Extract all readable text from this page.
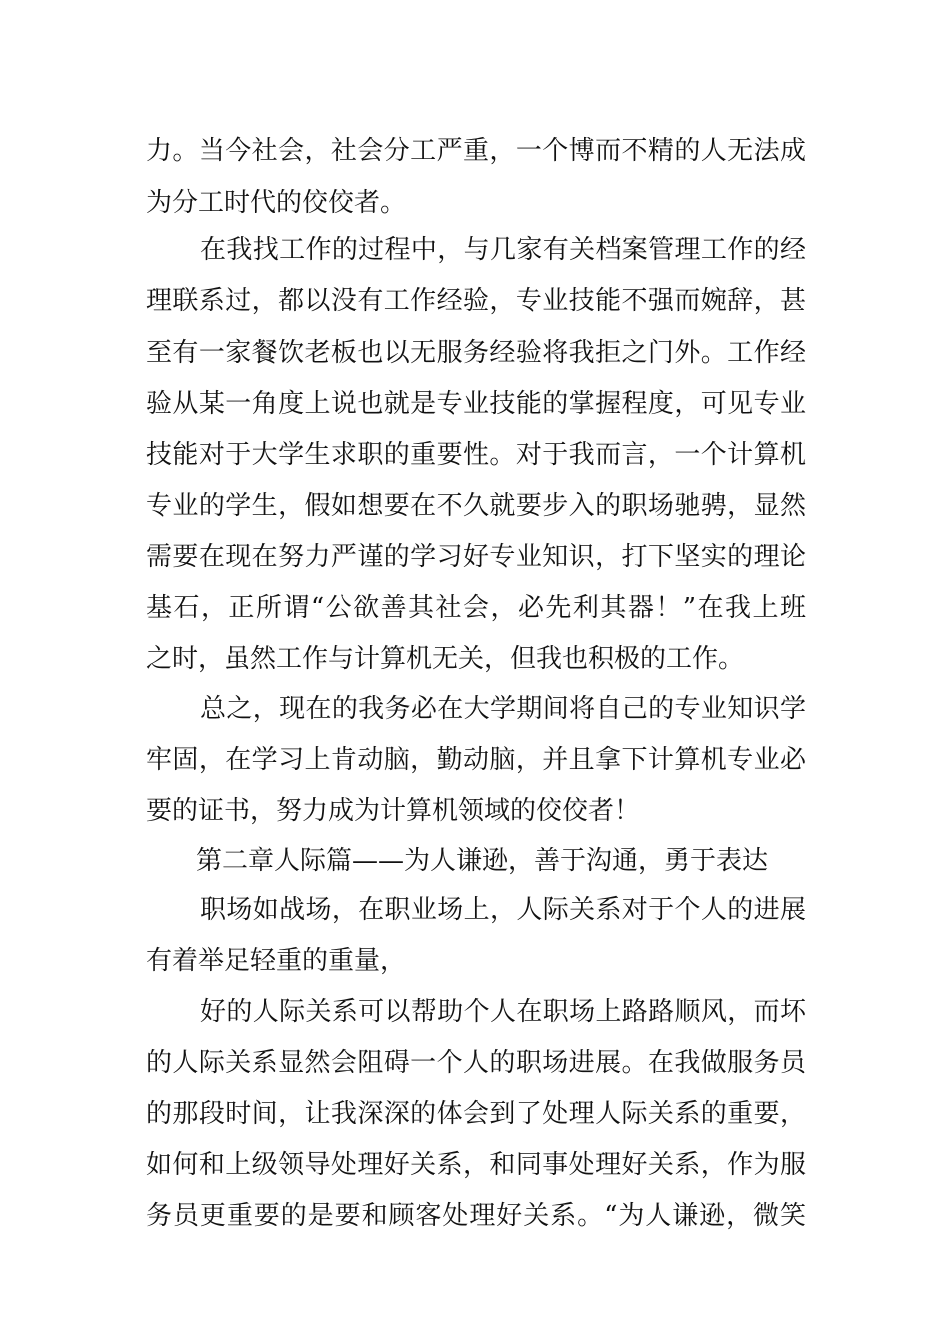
力。当今社会，社会分工严重，一个博而不精的人无法成
为分工时代的佼佼者。
在我找工作的过程中，与几家有关档案管理工作的经
理联系过，都以没有工作经验，专业技能不强而婉辞，甚
至有一家餐饮老板也以无服务经验将我拒之门外。工作经
验从某一角度上说也就是专业技能的掌握程度，可见专业
技能对于大学生求职的重要性。对于我而言，一个计算机
专业的学生，假如想要在不久就要步入的职场驰骋，显然
需要在现在努力严谨的学习好专业知识，打下坚实的理论
基石，正所谓“公欲善其社会，必先利其器！”在我上班
之时，虽然工作与计算机无关，但我也积极的工作。
总之，现在的我务必在大学期间将自己的专业知识学
牢固，在学习上肯动脑，勤动脑，并且拿下计算机专业必
要的证书，努力成为计算机领域的佼佼者！
第二章人际篇——为人谦逊，善于沟通，勇于表达
职场如战场，在职业场上，人际关系对于个人的进展
有着举足轻重的重量，
好的人际关系可以帮助个人在职场上路路顺风，而坏
的人际关系显然会阻碍一个人的职场进展。在我做服务员
的那段时间，让我深深的体会到了处理人际关系的重要，
如何和上级领导处理好关系，和同事处理好关系，作为服
务员更重要的是要和顾客处理好关系。“为人谦逊，微笑
